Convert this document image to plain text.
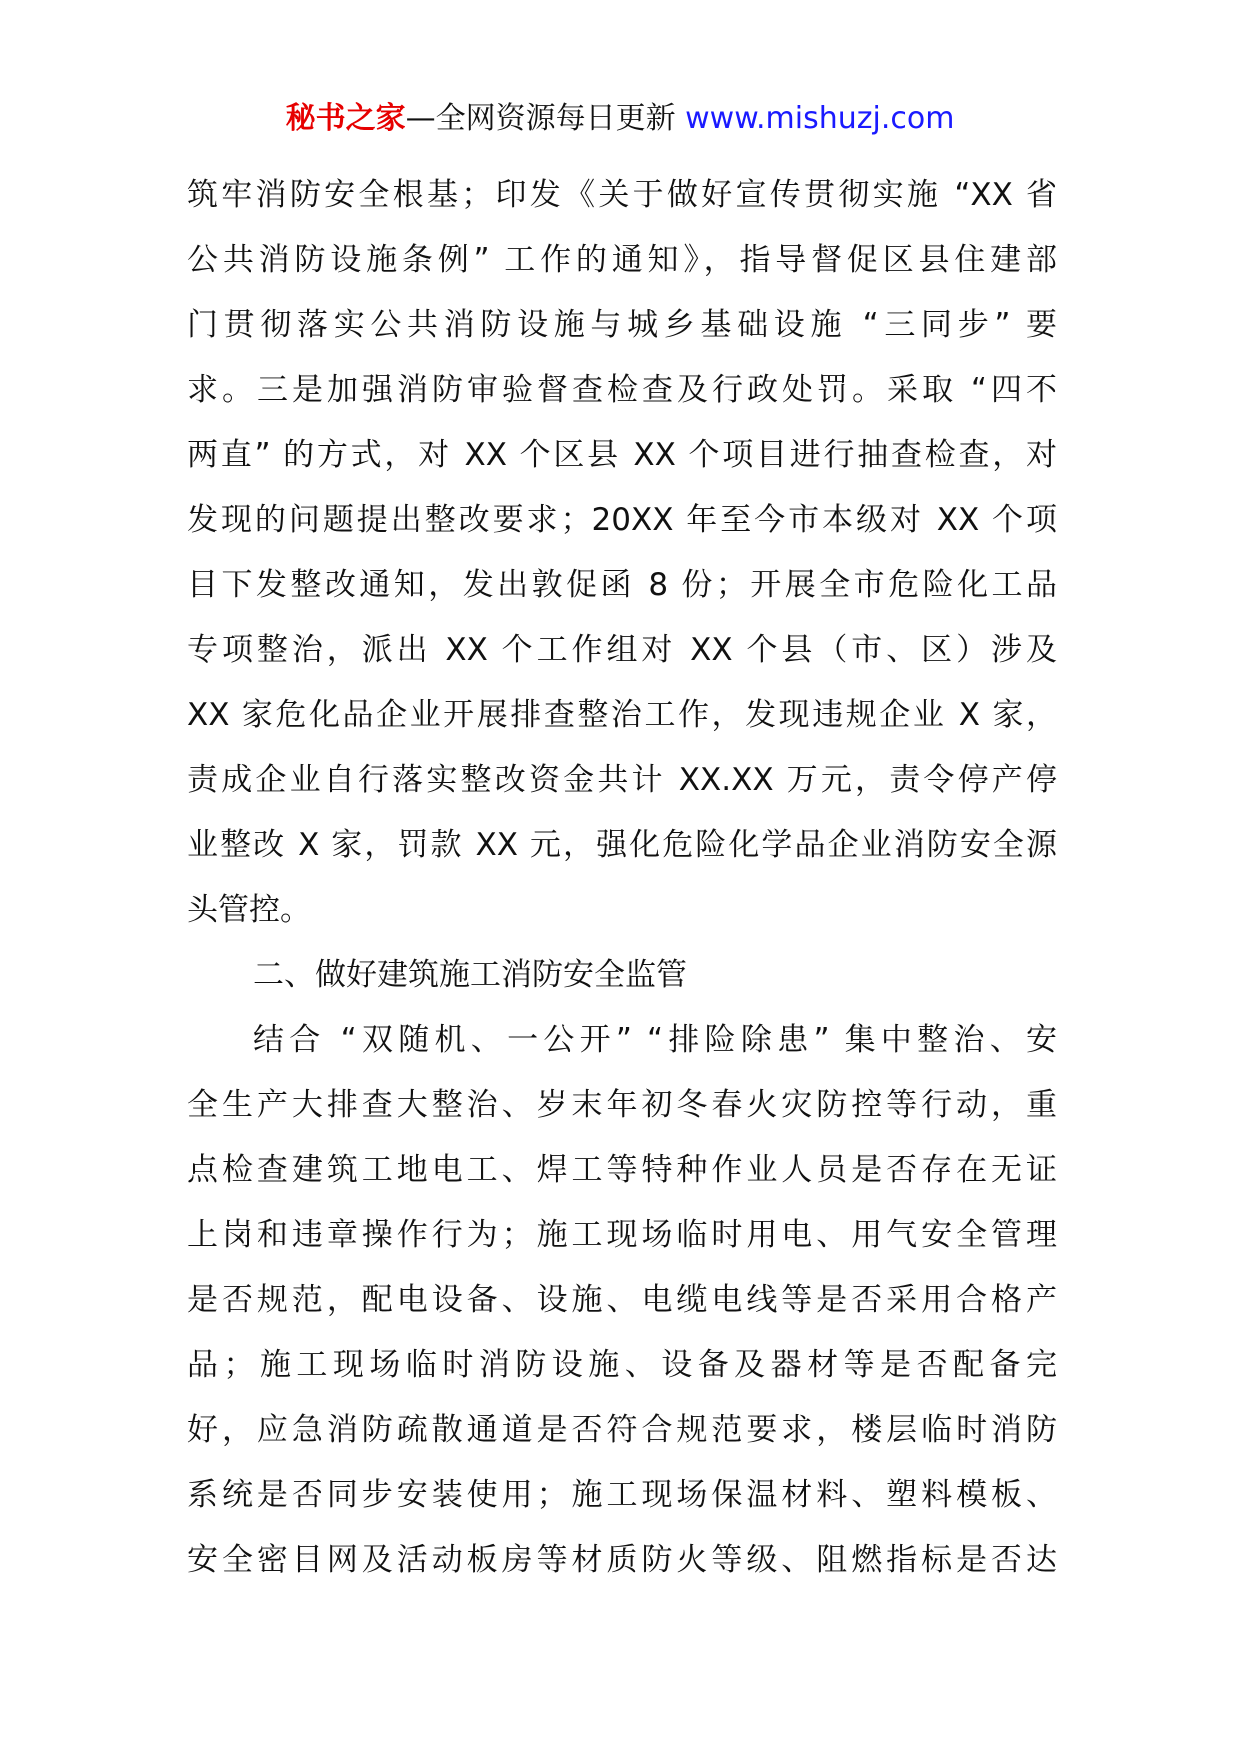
秘书之家—全网资源每日更新 www.mishuzj.com
筑牢消防安全根基；印发《关于做好宣传贯彻实施 “XX 省
公共消防设施条例” 工作的通知》，指导督促区县住建部
门贯彻落实公共消防设施与城乡基础设施 “三同步” 要
求。三是加强消防审验督查检查及行政处罚。采取 “四不
两直” 的方式，对 XX 个区县 XX 个项目进行抽查检查，对
发现的问题提出整改要求；20XX 年至今市本级对 XX 个项
目下发整改通知，发出敦促函 8 份；开展全市危险化工品
专项整治，派出 XX 个工作组对 XX 个县（市、区）涉及
XX 家危化品企业开展排查整治工作，发现违规企业 X 家，
责成企业自行落实整改资金共计 XX.XX 万元，责令停产停
业整改 X 家，罚款 XX 元，强化危险化学品企业消防安全源
头管控。
二、做好建筑施工消防安全监管
结合 “双随机、一公开” “排险除患” 集中整治、安
全生产大排查大整治、岁末年初冬春火灾防控等行动，重
点检查建筑工地电工、焊工等特种作业人员是否存在无证
上岗和违章操作行为；施工现场临时用电、用气安全管理
是否规范，配电设备、设施、电缆电线等是否采用合格产
品；施工现场临时消防设施、设备及器材等是否配备完
好，应急消防疏散通道是否符合规范要求，楼层临时消防
系统是否同步安装使用；施工现场保温材料、塑料模板、
安全密目网及活动板房等材质防火等级、阻燃指标是否达
